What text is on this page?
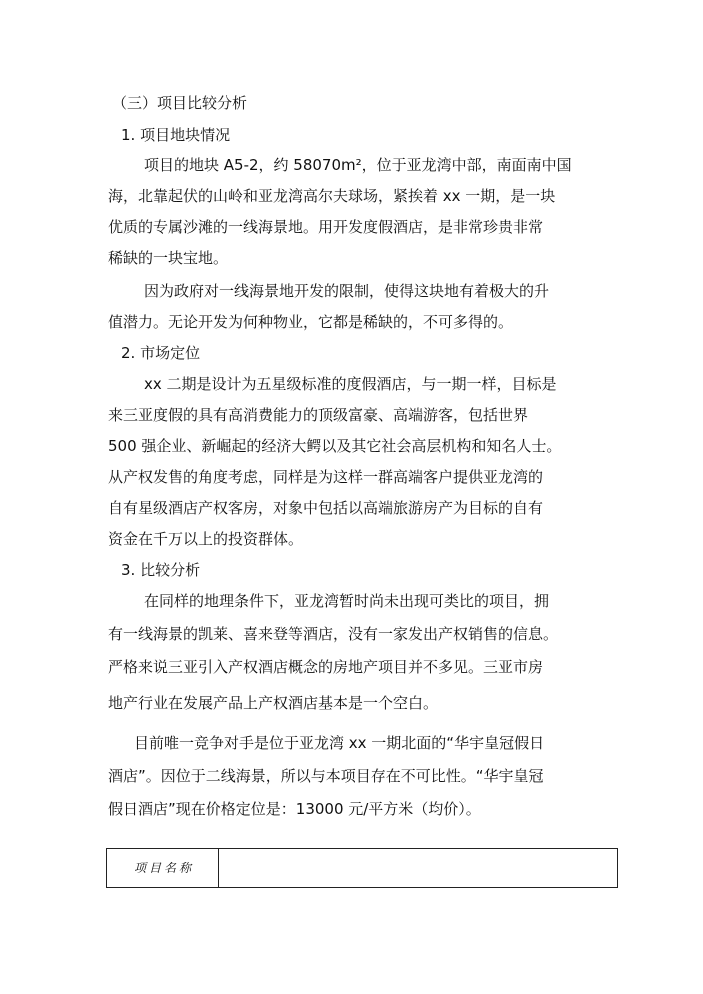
（三）项目比较分析
1. 项目地块情况
项目的地块 A5-2，约 58070m²，位于亚龙湾中部，南面南中国
海，北靠起伏的山岭和亚龙湾高尔夫球场，紧挨着 xx 一期，是一块
优质的专属沙滩的一线海景地。用开发度假酒店，是非常珍贵非常
稀缺的一块宝地。
因为政府对一线海景地开发的限制，使得这块地有着极大的升
值潜力。无论开发为何种物业，它都是稀缺的，不可多得的。
2. 市场定位
xx 二期是设计为五星级标准的度假酒店，与一期一样，目标是
来三亚度假的具有高消费能力的顶级富豪、高端游客，包括世界
500 强企业、新崛起的经济大鳄以及其它社会高层机构和知名人士。
从产权发售的角度考虑，同样是为这样一群高端客户提供亚龙湾的
自有星级酒店产权客房，对象中包括以高端旅游房产为目标的自有
资金在千万以上的投资群体。
3. 比较分析
在同样的地理条件下，亚龙湾暂时尚未出现可类比的项目，拥
有一线海景的凯莱、喜来登等酒店，没有一家发出产权销售的信息。
严格来说三亚引入产权酒店概念的房地产项目并不多见。三亚市房
地产行业在发展产品上产权酒店基本是一个空白。
目前唯一竞争对手是位于亚龙湾 xx 一期北面的“华宇皇冠假日
酒店”。因位于二线海景，所以与本项目存在不可比性。“华宇皇冠
假日酒店”现在价格定位是：13000 元/平方米（均价）。
项目名称
